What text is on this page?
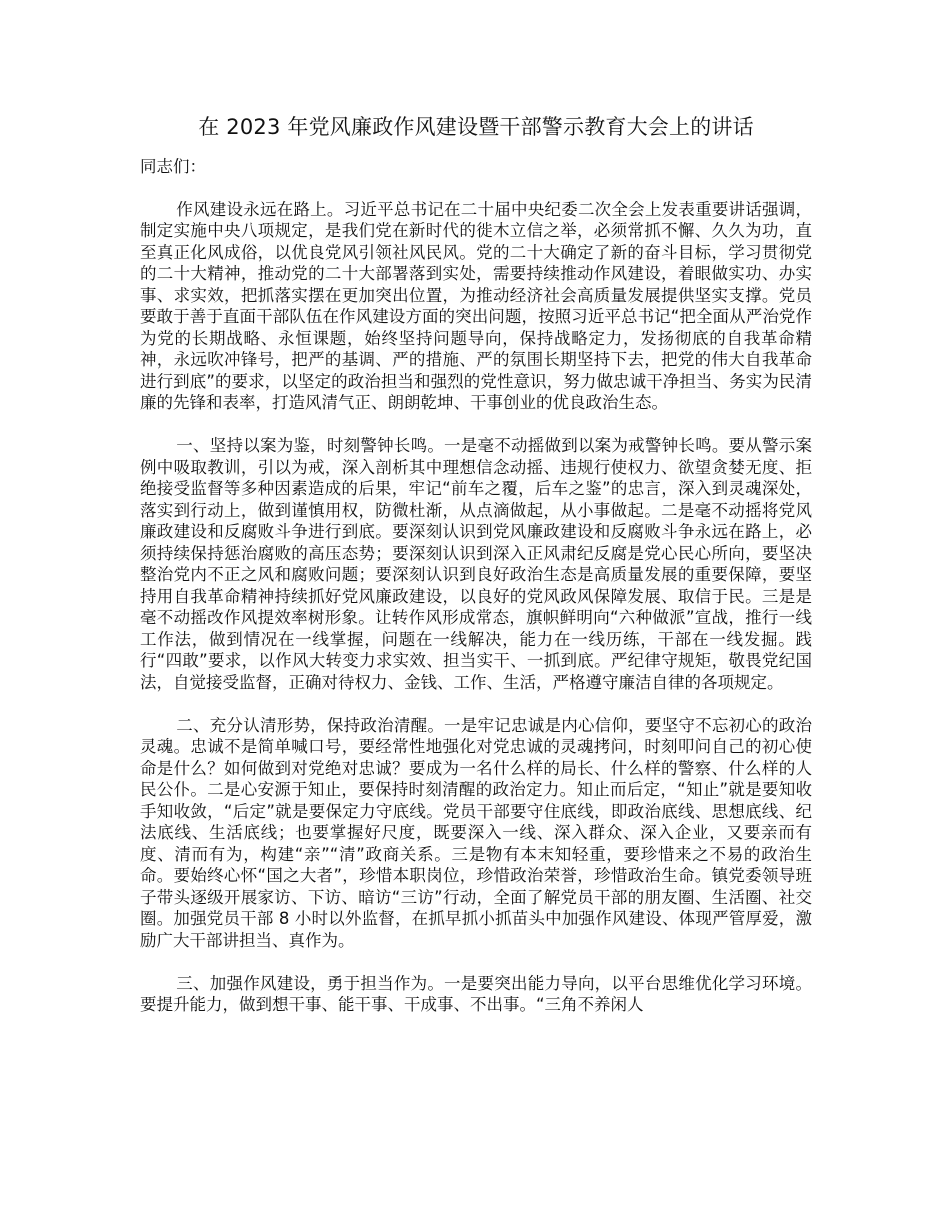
在 2023 年党风廉政作风建设暨干部警示教育大会上的讲话
同志们：

作风建设永远在路上。习近平总书记在二十届中央纪委二次全会上发表重要讲话强调，制定实施中央八项规定，是我们党在新时代的徙木立信之举，必须常抓不懈、久久为功，直至真正化风成俗，以优良党风引领社风民风。党的二十大确定了新的奋斗目标，学习贯彻党的二十大精神，推动党的二十大部署落到实处，需要持续推动作风建设，着眼做实功、办实事、求实效，把抓落实摆在更加突出位置，为推动经济社会高质量发展提供坚实支撑。党员要敢于善于直面干部队伍在作风建设方面的突出问题，按照习近平总书记“把全面从严治党作为党的长期战略、永恒课题，始终坚持问题导向，保持战略定力，发扬彻底的自我革命精神，永远吹冲锋号，把严的基调、严的措施、严的氛围长期坚持下去，把党的伟大自我革命进行到底”的要求，以坚定的政治担当和强烈的党性意识，努力做忠诚干净担当、务实为民清廉的先锋和表率，打造风清气正、朗朗乾坤、干事创业的优良政治生态。

一、坚持以案为鉴，时刻警钟长鸣。一是毫不动摇做到以案为戒警钟长鸣。要从警示案例中吸取教训，引以为戒，深入剖析其中理想信念动摇、违规行使权力、欲望贪婪无度、拒绝接受监督等多种因素造成的后果，牢记“前车之覆，后车之鉴”的忠言，深入到灵魂深处，落实到行动上，做到谨慎用权，防微杜渐，从点滴做起，从小事做起。二是毫不动摇将党风廉政建设和反腐败斗争进行到底。要深刻认识到党风廉政建设和反腐败斗争永远在路上，必须持续保持惩治腐败的高压态势；要深刻认识到深入正风肃纪反腐是党心民心所向，要坚决整治党内不正之风和腐败问题；要深刻认识到良好政治生态是高质量发展的重要保障，要坚持用自我革命精神持续抓好党风廉政建设，以良好的党风政风保障发展、取信于民。三是是毫不动摇改作风提效率树形象。让转作风形成常态，旗帜鲜明向“六种做派”宣战，推行一线工作法，做到情况在一线掌握，问题在一线解决，能力在一线历练，干部在一线发掘。践行“四敢”要求，以作风大转变力求实效、担当实干、一抓到底。严纪律守规矩，敬畏党纪国法，自觉接受监督，正确对待权力、金钱、工作、生活，严格遵守廉洁自律的各项规定。

二、充分认清形势，保持政治清醒。一是牢记忠诚是内心信仰，要坚守不忘初心的政治灵魂。忠诚不是简单喊口号，要经常性地强化对党忠诚的灵魂拷问，时刻叩问自己的初心使命是什么？如何做到对党绝对忠诚？要成为一名什么样的局长、什么样的警察、什么样的人民公仆。二是心安源于知止，要保持时刻清醒的政治定力。知止而后定，“知止”就是要知收手知收敛，“后定”就是要保定力守底线。党员干部要守住底线，即政治底线、思想底线、纪法底线、生活底线；也要掌握好尺度，既要深入一线、深入群众、深入企业，又要亲而有度、清而有为，构建“亲”“清”政商关系。三是物有本末知轻重，要珍惜来之不易的政治生命。要始终心怀“国之大者”，珍惜本职岗位，珍惜政治荣誉，珍惜政治生命。镇党委领导班子带头逐级开展家访、下访、暗访“三访”行动，全面了解党员干部的朋友圈、生活圈、社交圈。加强党员干部 8 小时以外监督，在抓早抓小抓苗头中加强作风建设、体现严管厚爱，激励广大干部讲担当、真作为。

三、加强作风建设，勇于担当作为。一是要突出能力导向，以平台思维优化学习环境。要提升能力，做到想干事、能干事、干成事、不出事。“三角不养闲人
